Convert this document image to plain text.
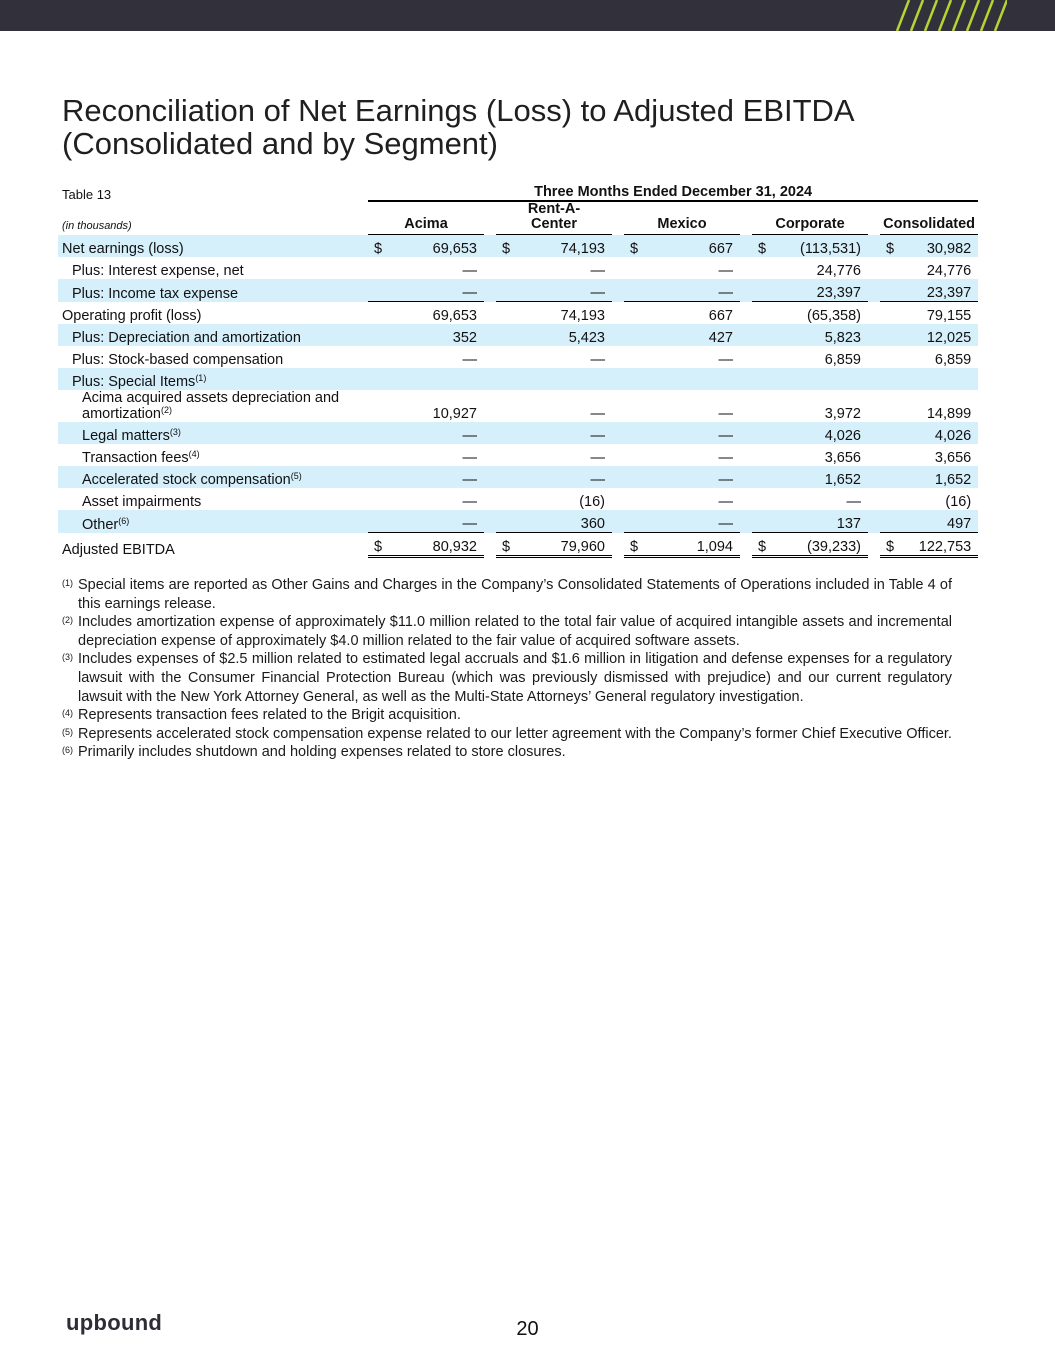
Reconciliation of Net Earnings (Loss) to Adjusted EBITDA
(Consolidated and by Segment)
Table 13	Three Months Ended December 31, 2024													
(in thousands)	Acima			Rent-A-
Center			Mexico			Corporate			Consolidated	
Net earnings (loss)	$	69,653		$	74,193		$	667		$	(113,531)		$	30,982
Plus: Interest expense, net		—			—			—			24,776			24,776
Plus: Income tax expense		—			—			—			23,397			23,397
Operating profit (loss)		69,653			74,193			667			(65,358)			79,155
Plus: Depreciation and amortization		352			5,423			427			5,823			12,025
Plus: Stock-based compensation		—			—			—			6,859			6,859
Plus: Special Items$^{(1)}$	

Acima acquired assets depreciation and
amortization$^{(2)}$		10,927			—			—			3,972			14,899
Legal matters$^{(3)}$		—			—			—			4,026			4,026
Transaction fees$^{(4)}$		—			—			—			3,656			3,656
Accelerated stock compensation$^{(5)}$		—			—			—			1,652			1,652
Asset impairments		—			(16)			—			—			(16)
Other$^{(6)}$		—			360			—			137			497
Adjusted EBITDA	$	80,932		$	79,960		$	1,094		$	(39,233)		$	122,753
(1) Special items are reported as Other Gains and Charges in the Company’s Consolidated Statements of Operations included in Table 4 of this earnings release.
(2) Includes amortization expense of approximately $11.0 million related to the total fair value of acquired intangible assets and incremental depreciation expense of approximately $4.0 million related to the fair value of acquired software assets.
(3) Includes expenses of $2.5 million related to estimated legal accruals and $1.6 million in litigation and defense expenses for a regulatory lawsuit with the Consumer Financial Protection Bureau (which was previously dismissed with prejudice) and our current regulatory lawsuit with the New York Attorney General, as well as the Multi-State Attorneys’ General regulatory investigation.
(4) Represents transaction fees related to the Brigit acquisition.
(5) Represents accelerated stock compensation expense related to our letter agreement with the Company’s former Chief Executive Officer.
(6) Primarily includes shutdown and holding expenses related to store closures.
upbound	20
